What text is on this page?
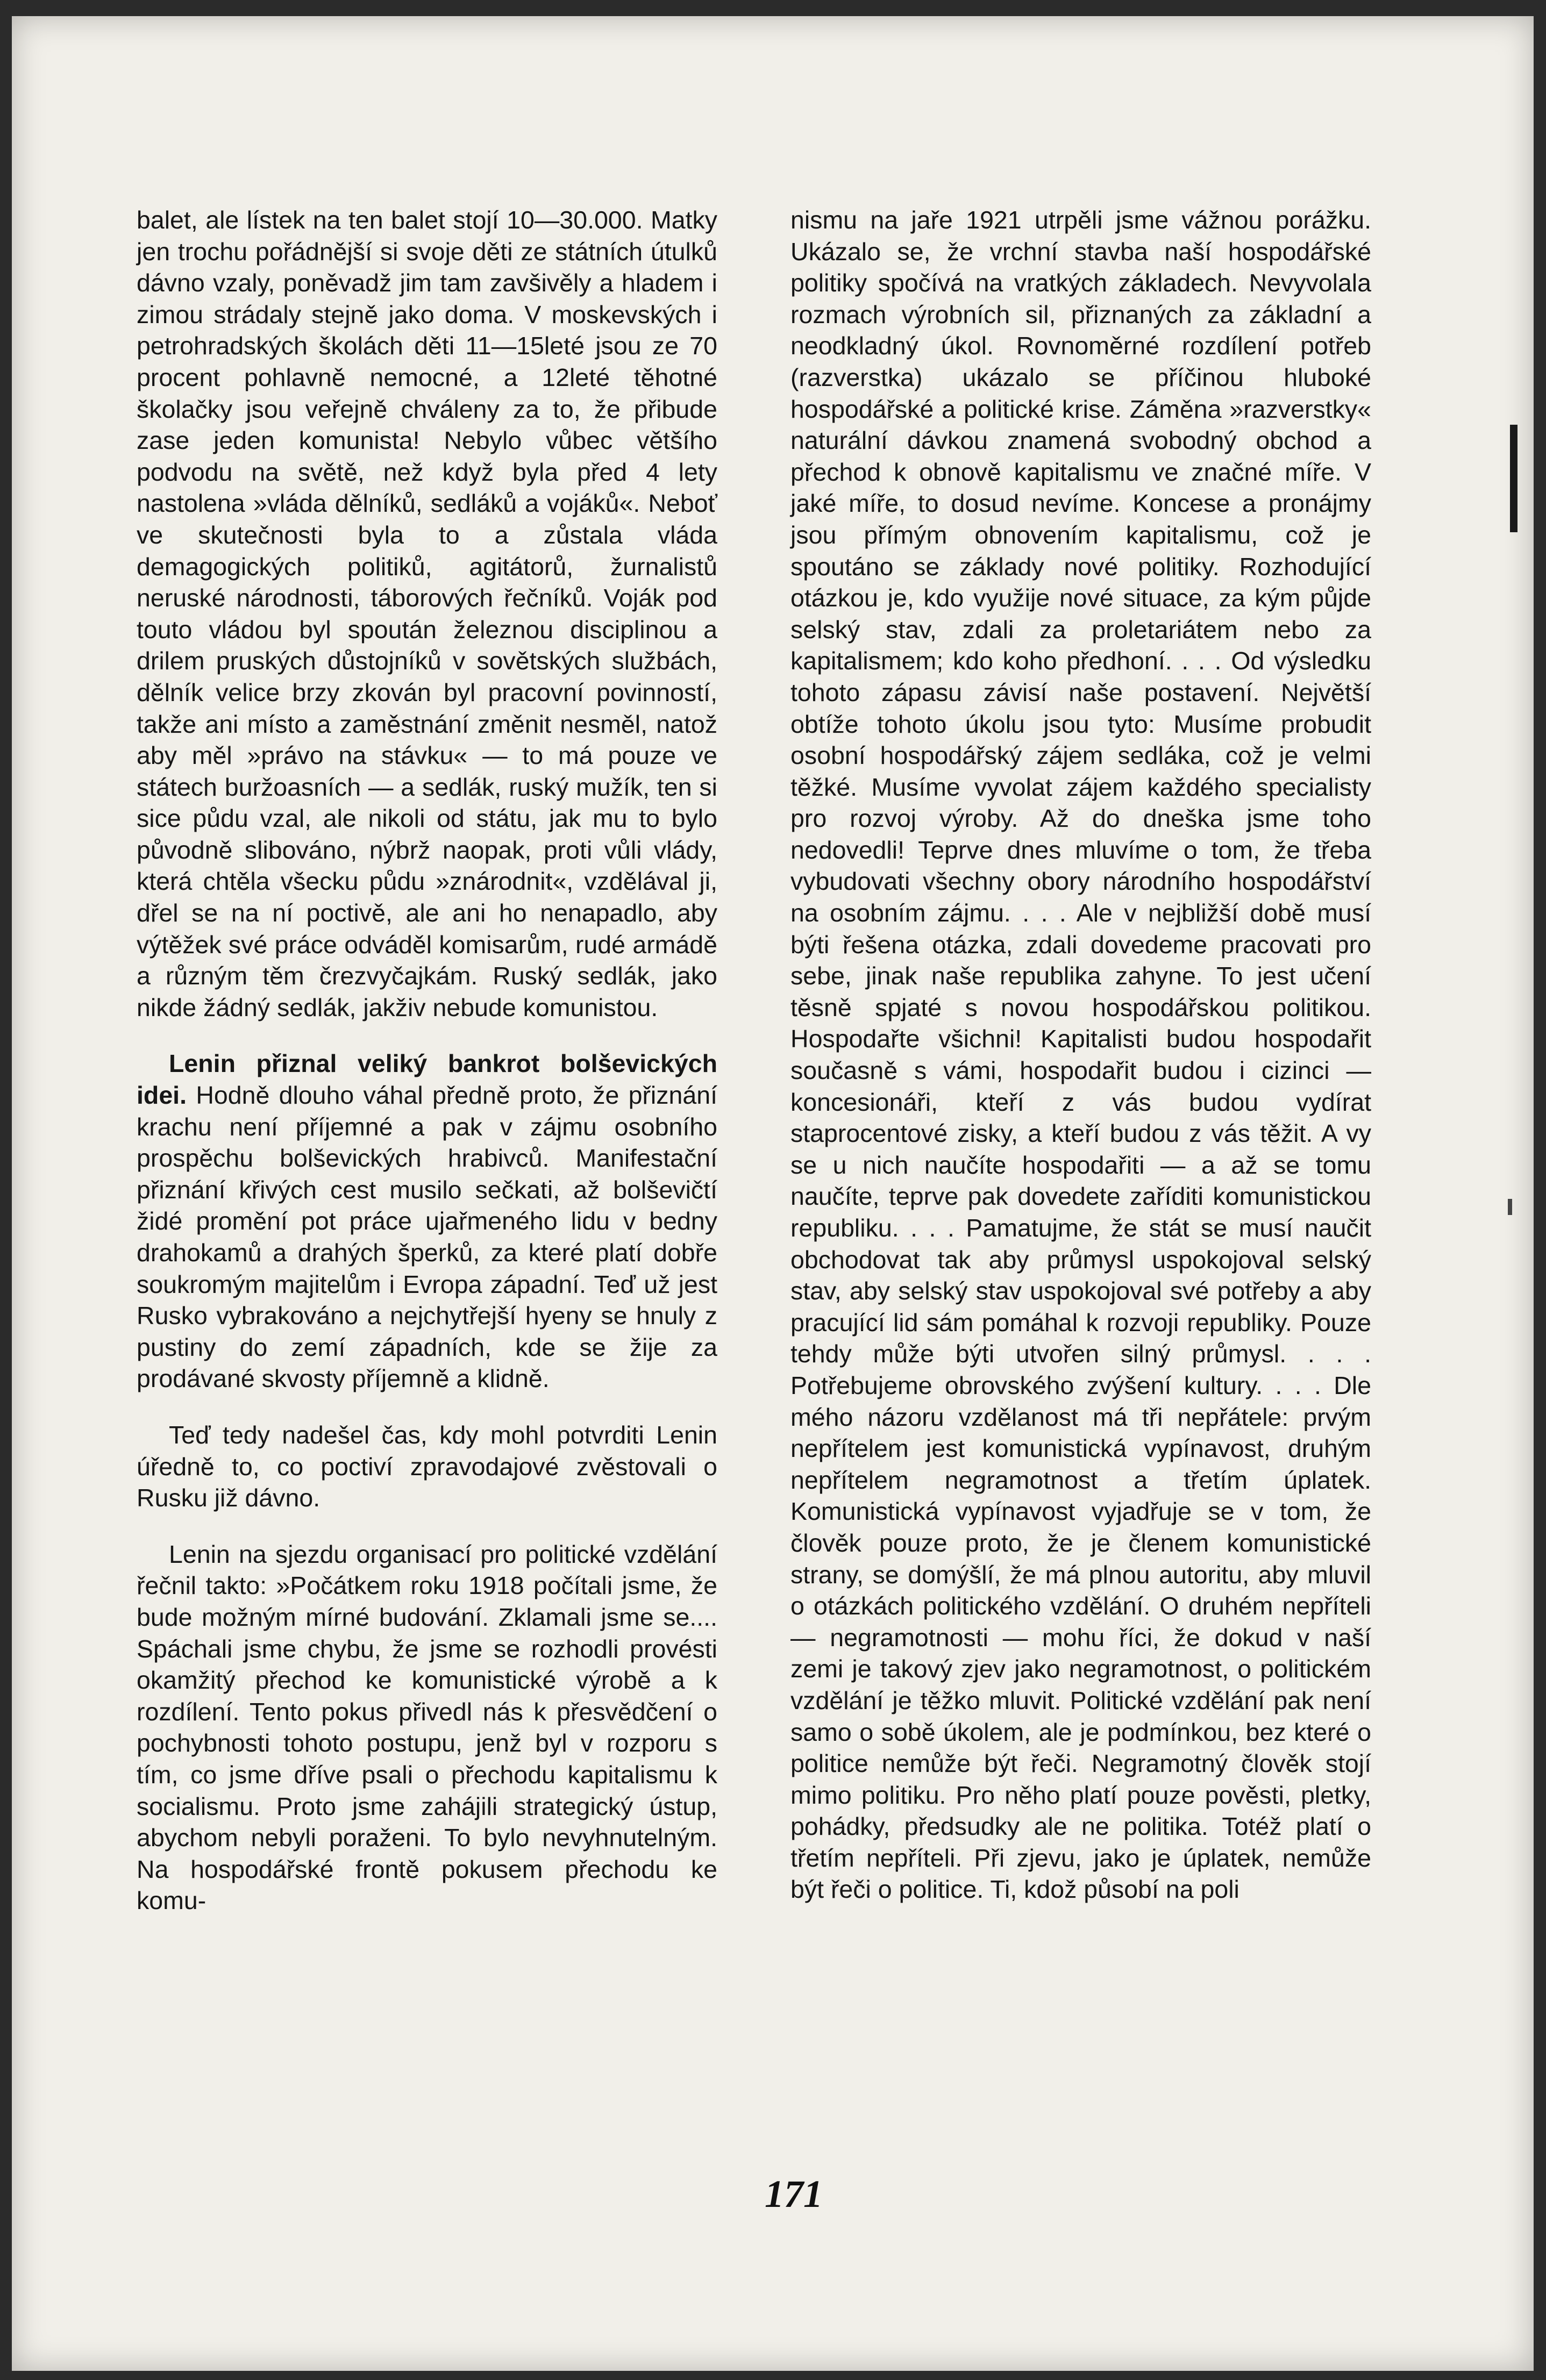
balet, ale lístek na ten balet stojí 10—30.000. Matky jen trochu pořádnější si svoje děti ze státních útulků dávno vzaly, poněvadž jim tam zavšivěly a hladem i zimou strádaly stejně jako doma. V moskevských i petrohradských školách děti 11—15leté jsou ze 70 procent pohlavně nemocné, a 12leté těhotné školačky jsou veřejně chváleny za to, že přibude zase jeden komunista! Nebylo vůbec většího podvodu na světě, než když byla před 4 lety nastolena »vláda dělníků, sedláků a vojáků«. Neboť ve skutečnosti byla to a zůstala vláda demagogických politiků, agitátorů, žurnalistů neruské národnosti, táborových řečníků. Voják pod touto vládou byl spoután železnou disciplinou a drilem pruských důstojníků v sovětských službách, dělník velice brzy zkován byl pracovní povinností, takže ani místo a zaměstnání změnit nesměl, natož aby měl »právo na stávku« — to má pouze ve státech buržoasních — a sedlák, ruský mužík, ten si sice půdu vzal, ale nikoli od státu, jak mu to bylo původně slibováno, nýbrž naopak, proti vůli vlády, která chtěla všecku půdu »znárodnit«, vzdělával ji, dřel se na ní poctivě, ale ani ho nenapadlo, aby výtěžek své práce odváděl komisarům, rudé armádě a různým těm črezvyčajkám. Ruský sedlák, jako nikde žádný sedlák, jakživ nebude komunistou.

Lenin přiznal veliký bankrot bolševických idei. Hodně dlouho váhal předně proto, že přiznání krachu není příjemné a pak v zájmu osobního prospěchu bolševických hrabivců. Manifestační přiznání křivých cest musilo sečkati, až bolševičtí židé promění pot práce ujařmeného lidu v bedny drahokamů a drahých šperků, za které platí dobře soukromým majitelům i Evropa západní. Teď už jest Rusko vybrakováno a nejchytřejší hyeny se hnuly z pustiny do zemí západních, kde se žije za prodávané skvosty příjemně a klidně.

Teď tedy nadešel čas, kdy mohl potvrditi Lenin úředně to, co poctiví zpravodajové zvěstovali o Rusku již dávno.

Lenin na sjezdu organisací pro politické vzdělání řečnil takto: »Počátkem roku 1918 počítali jsme, že bude možným mírné budování. Zklamali jsme se.... Spáchali jsme chybu, že jsme se rozhodli provésti okamžitý přechod ke komunistické výrobě a k rozdílení. Tento pokus přivedl nás k přesvědčení o pochybnosti tohoto postupu, jenž byl v rozporu s tím, co jsme dříve psali o přechodu kapitalismu k socialismu. Proto jsme zahájili strategický ústup, abychom nebyli poraženi. To bylo nevyhnutelným. Na hospodářské frontě pokusem přechodu ke komu-

nismu na jaře 1921 utrpěli jsme vážnou porážku. Ukázalo se, že vrchní stavba naší hospodářské politiky spočívá na vratkých základech. Nevyvolala rozmach výrobních sil, přiznaných za základní a neodkladný úkol. Rovnoměrné rozdílení potřeb (razverstka) ukázalo se příčinou hluboké hospodářské a politické krise. Záměna »razverstky« naturální dávkou znamená svobodný obchod a přechod k obnově kapitalismu ve značné míře. V jaké míře, to dosud nevíme. Koncese a pronájmy jsou přímým obnovením kapitalismu, což je spoutáno se základy nové politiky. Rozhodující otázkou je, kdo využije nové situace, za kým půjde selský stav, zdali za proletariátem nebo za kapitalismem; kdo koho předhoní. . . . Od výsledku tohoto zápasu závisí naše postavení. Největší obtíže tohoto úkolu jsou tyto: Musíme probudit osobní hospodářský zájem sedláka, což je velmi těžké. Musíme vyvolat zájem každého specialisty pro rozvoj výroby. Až do dneška jsme toho nedovedli! Teprve dnes mluvíme o tom, že třeba vybudovati všechny obory národního hospodářství na osobním zájmu. . . . Ale v nejbližší době musí býti řešena otázka, zdali dovedeme pracovati pro sebe, jinak naše republika zahyne. To jest učení těsně spjaté s novou hospodářskou politikou. Hospodařte všichni! Kapitalisti budou hospodařit současně s vámi, hospodařit budou i cizinci — koncesionáři, kteří z vás budou vydírat staprocentové zisky, a kteří budou z vás těžit. A vy se u nich naučíte hospodařiti — a až se tomu naučíte, teprve pak dovedete zaříditi komunistickou republiku. . . . Pamatujme, že stát se musí naučit obchodovat tak aby průmysl uspokojoval selský stav, aby selský stav uspokojoval své potřeby a aby pracující lid sám pomáhal k rozvoji republiky. Pouze tehdy může býti utvořen silný průmysl. . . . Potřebujeme obrovského zvýšení kultury. . . . Dle mého názoru vzdělanost má tři nepřátele: prvým nepřítelem jest komunistická vypínavost, druhým nepřítelem negramotnost a třetím úplatek. Komunistická vypínavost vyjadřuje se v tom, že člověk pouze proto, že je členem komunistické strany, se domýšlí, že má plnou autoritu, aby mluvil o otázkách politického vzdělání. O druhém nepříteli — negramotnosti — mohu říci, že dokud v naší zemi je takový zjev jako negramotnost, o politickém vzdělání je těžko mluvit. Politické vzdělání pak není samo o sobě úkolem, ale je podmínkou, bez které o politice nemůže být řeči. Negramotný člověk stojí mimo politiku. Pro něho platí pouze pověsti, pletky, pohádky, předsudky ale ne politika. Totéž platí o třetím nepříteli. Při zjevu, jako je úplatek, nemůže být řeči o politice. Ti, kdož působí na poli

171
